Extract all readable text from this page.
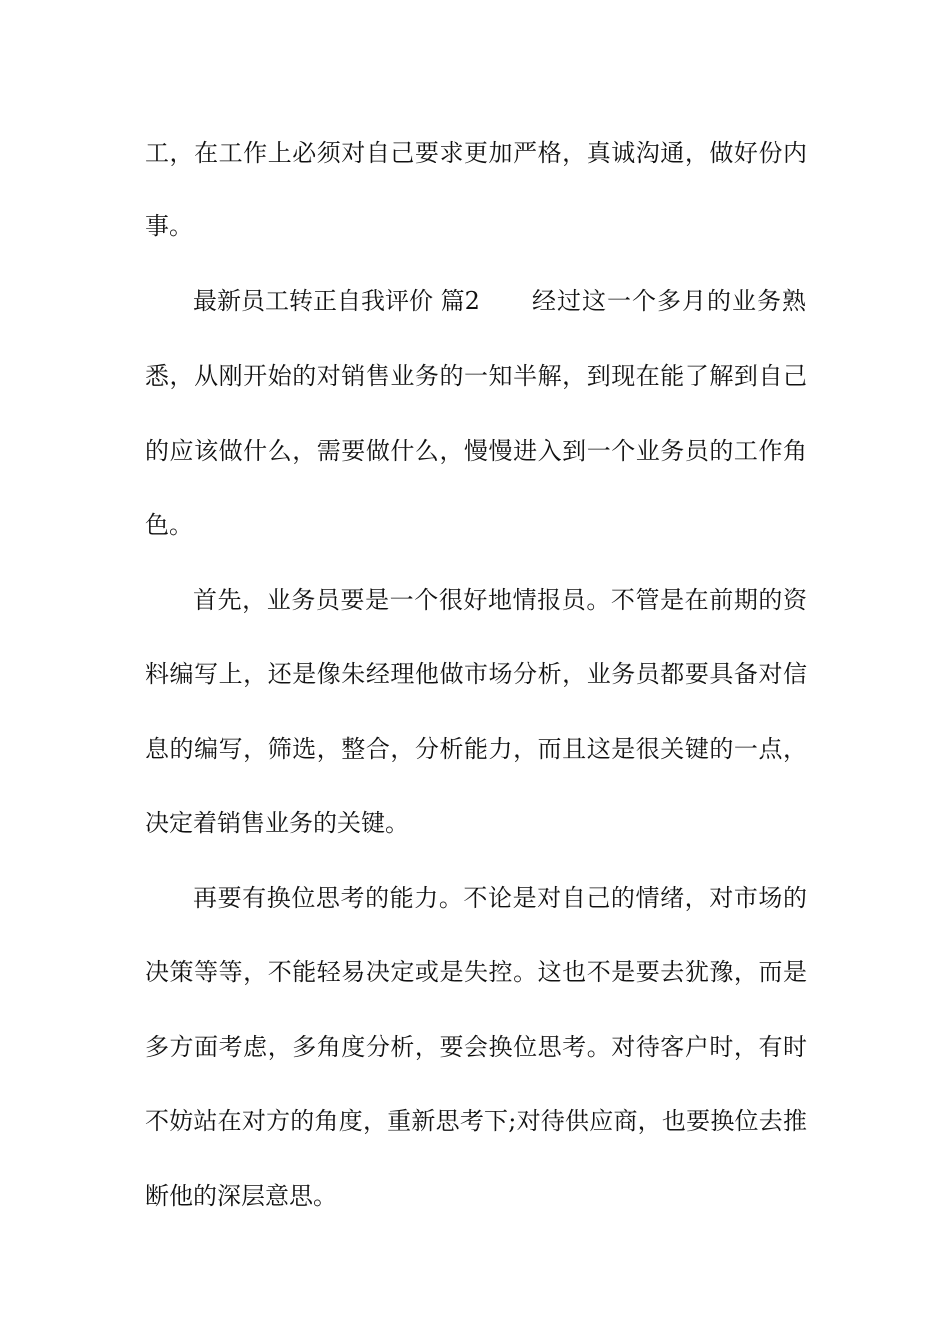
工，在工作上必须对自己要求更加严格，真诚沟通，做好份内
事。
最新员工转正自我评价 篇2 经过这一个多月的业务熟
悉，从刚开始的对销售业务的一知半解，到现在能了解到自己
的应该做什么，需要做什么，慢慢进入到一个业务员的工作角
色。
首先，业务员要是一个很好地情报员。不管是在前期的资
料编写上，还是像朱经理他做市场分析，业务员都要具备对信
息的编写，筛选，整合，分析能力，而且这是很关键的一点，
决定着销售业务的关键。
再要有换位思考的能力。不论是对自己的情绪，对市场的
决策等等，不能轻易决定或是失控。这也不是要去犹豫，而是
多方面考虑，多角度分析，要会换位思考。对待客户时，有时
不妨站在对方的角度，重新思考下;对待供应商，也要换位去推
断他的深层意思。
